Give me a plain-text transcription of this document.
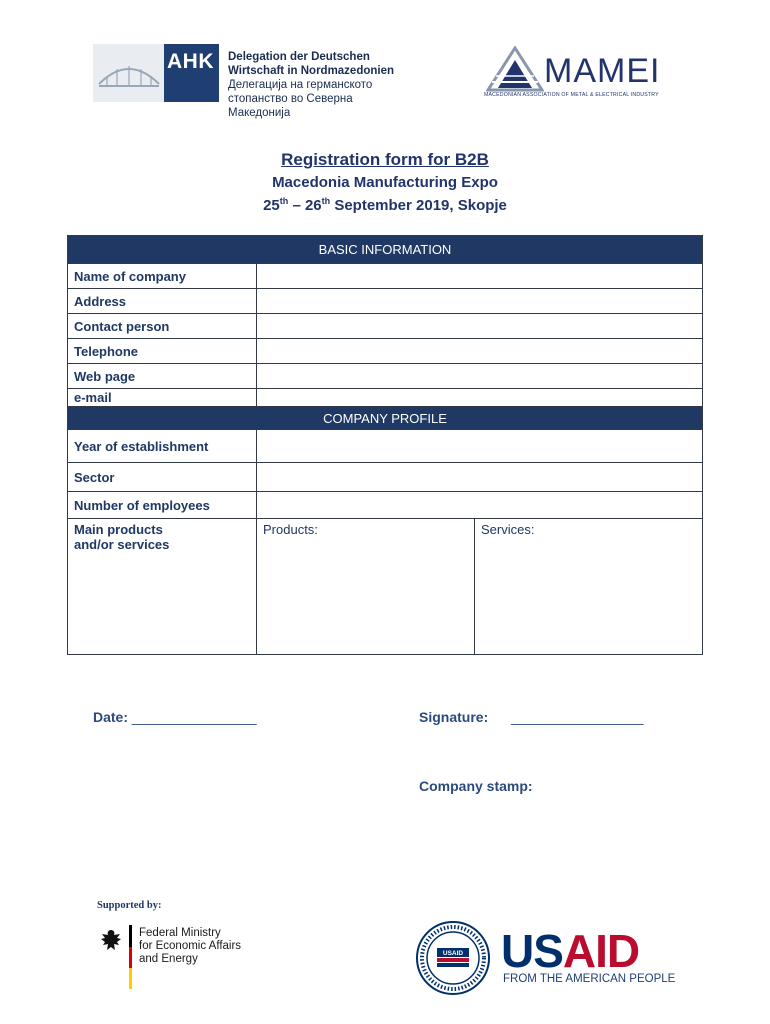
AHK Delegation der Deutschen
Wirtschaft in Nordmazedonien
Делегација на германското
стопанство во Северна Македонија
MAMEI
MACEDONIAN ASSOCIATION OF METAL & ELECTRICAL INDUSTRY
Registration form for B2B
Macedonia Manufacturing Expo
25th – 26th September 2019, Skopje
BASIC INFORMATION		
Name of company		
Address		
Contact person		
Telephone		
Web page		
e-mail		
COMPANY PROFILE		
Year of establishment		
Sector		
Number of employees		

Main products
and/or services	Products:	Services:
Date: ________________	Signature: _________________
Company stamp:
Supported by:
Federal Ministry
for Economic Affairs
and Energy	USAID USAID
FROM THE AMERICAN PEOPLE
